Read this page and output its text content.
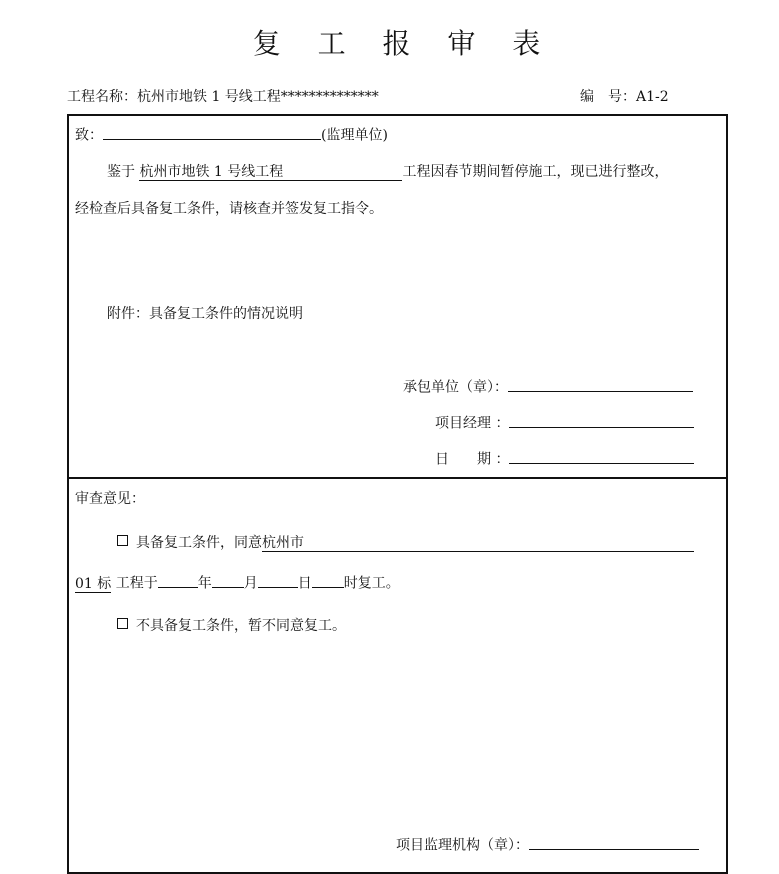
复 工 报 审 表
工程名称：杭州市地铁 1 号线工程**************	编　号：A1-2
致：	(监理单位)
鉴于 杭州市地铁 1 号线工程	工程因春节期间暂停施工，现已进行整改，
经检查后具备复工条件，请核查并签发复工指令。
附件：具备复工条件的情况说明
承包单位（章）：
项目经理 ：
日　　期 ：
审查意见：
具备复工条件，同意杭州市
01 标 工程于	年 月	日 时复工。
不具备复工条件，暂不同意复工。
项目监理机构（章）：
